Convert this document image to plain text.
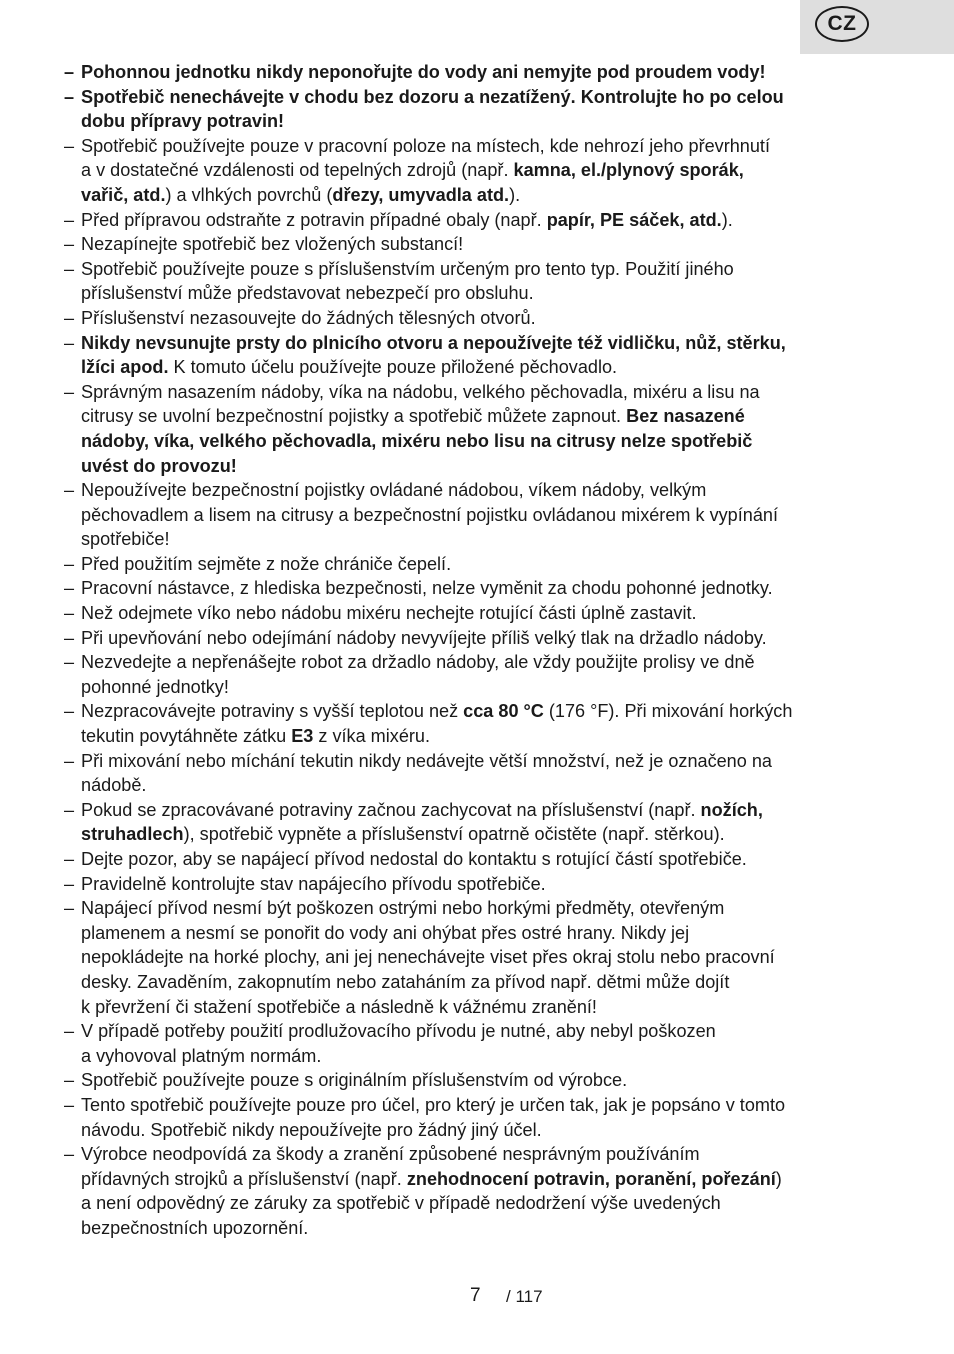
CZ
– Pohonnou jednotku nikdy neponořujte do vody ani nemyjte pod proudem vody!
– Spotřebič nenechávejte v chodu bez dozoru a nezatížený. Kontrolujte ho po celou
dobu přípravy potravin!
– Spotřebič používejte pouze v pracovní poloze na místech, kde nehrozí jeho převrhnutí
a v dostatečné vzdálenosti od tepelných zdrojů (např. kamna, el./plynový sporák,
vařič, atd.) a vlhkých povrchů (dřezy, umyvadla atd.).
– Před přípravou odstraňte z potravin případné obaly (např. papír, PE sáček, atd.).
– Nezapínejte spotřebič bez vložených substancí!
– Spotřebič používejte pouze s příslušenstvím určeným pro tento typ. Použití jiného
příslušenství může představovat nebezpečí pro obsluhu.
– Příslušenství nezasouvejte do žádných tělesných otvorů.
– Nikdy nevsunujte prsty do plnicího otvoru a nepoužívejte též vidličku, nůž, stěrku,
lžíci apod. K tomuto účelu používejte pouze přiložené pěchovadlo.
– Správným nasazením nádoby, víka na nádobu, velkého pěchovadla, mixéru a lisu na
citrusy se uvolní bezpečnostní pojistky a spotřebič můžete zapnout. Bez nasazené
nádoby, víka, velkého pěchovadla, mixéru nebo lisu na citrusy nelze spotřebič
uvést do provozu!
– Nepoužívejte bezpečnostní pojistky ovládané nádobou, víkem nádoby, velkým
pěchovadlem a lisem na citrusy a bezpečnostní pojistku ovládanou mixérem k vypínání
spotřebiče!
– Před použitím sejměte z nože chrániče čepelí.
– Pracovní nástavce, z hlediska bezpečnosti, nelze vyměnit za chodu pohonné jednotky.
– Než odejmete víko nebo nádobu mixéru nechejte rotující části úplně zastavit.
– Při upevňování nebo odejímání nádoby nevyvíjejte příliš velký tlak na držadlo nádoby.
– Nezvedejte a nepřenášejte robot za držadlo nádoby, ale vždy použijte prolisy ve dně
pohonné jednotky!
– Nezpracovávejte potraviny s vyšší teplotou než cca 80 °C (176 °F). Při mixování horkých
tekutin povytáhněte zátku E3 z víka mixéru.
– Při mixování nebo míchání tekutin nikdy nedávejte větší množství, než je označeno na
nádobě.
– Pokud se zpracovávané potraviny začnou zachycovat na příslušenství (např. nožích,
struhadlech), spotřebič vypněte a příslušenství opatrně očistěte (např. stěrkou).
– Dejte pozor, aby se napájecí přívod nedostal do kontaktu s rotující částí spotřebiče.
– Pravidelně kontrolujte stav napájecího přívodu spotřebiče.
– Napájecí přívod nesmí být poškozen ostrými nebo horkými předměty, otevřeným
plamenem a nesmí se ponořit do vody ani ohýbat přes ostré hrany. Nikdy jej
nepokládejte na horké plochy, ani jej nenechávejte viset přes okraj stolu nebo pracovní
desky. Zavaděním, zakopnutím nebo zataháním za přívod např. dětmi může dojít
k převržení či stažení spotřebiče a následně k vážnému zranění!
– V případě potřeby použití prodlužovacího přívodu je nutné, aby nebyl poškozen
a vyhovoval platným normám.
– Spotřebič používejte pouze s originálním příslušenstvím od výrobce.
– Tento spotřebič používejte pouze pro účel, pro který je určen tak, jak je popsáno v tomto
návodu. Spotřebič nikdy nepoužívejte pro žádný jiný účel.
– Výrobce neodpovídá za škody a zranění způsobené nesprávným používáním
přídavných strojků a příslušenství (např. znehodnocení potravin, poranění, pořezání)
a není odpovědný ze záruky za spotřebič v případě nedodržení výše uvedených
bezpečnostních upozornění.
7 / 117
